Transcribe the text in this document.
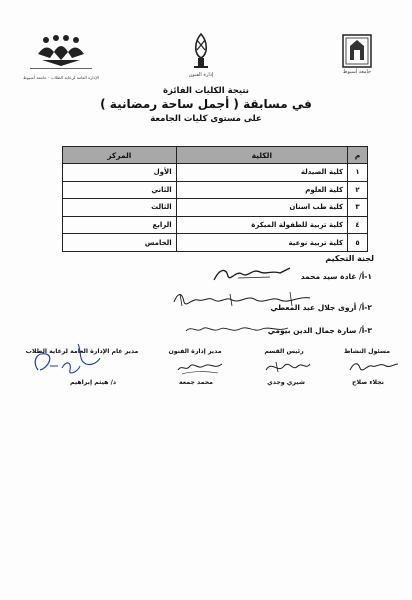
الإدارة العامة لرعاية الطلاب - جامعة أسيوط	إدارة الفنون	جامعة أسيوط
نتيجة الكليات الفائزة
في مسابقة ( أجمل ساحة رمضانية )
على مستوى كليات الجامعة
م	الكلية	المركز
١	كلية الصيدلة	الأول
٢	كلية العلوم	الثاني
٣	كلية طب اسنان	الثالث
٤	كلية تربية للطفولة المبكرة	الرابع
٥	كلية تربية نوعية	الخامس
لجنة التحكيم
١-أ/ غادة سيد محمد
٢-أ/ أروى جلال عبد المعطي
٣-أ/ سارة جمال الدين بيومي
مسئول النشاط
رئيس القسم
مدير إدارة الفنون
مدير عام الإدارة العامة لرعاية الطلاب
نجلاء صلاح
شيري وجدي
محمد جمعة
د/ هيثم إبراهيم
